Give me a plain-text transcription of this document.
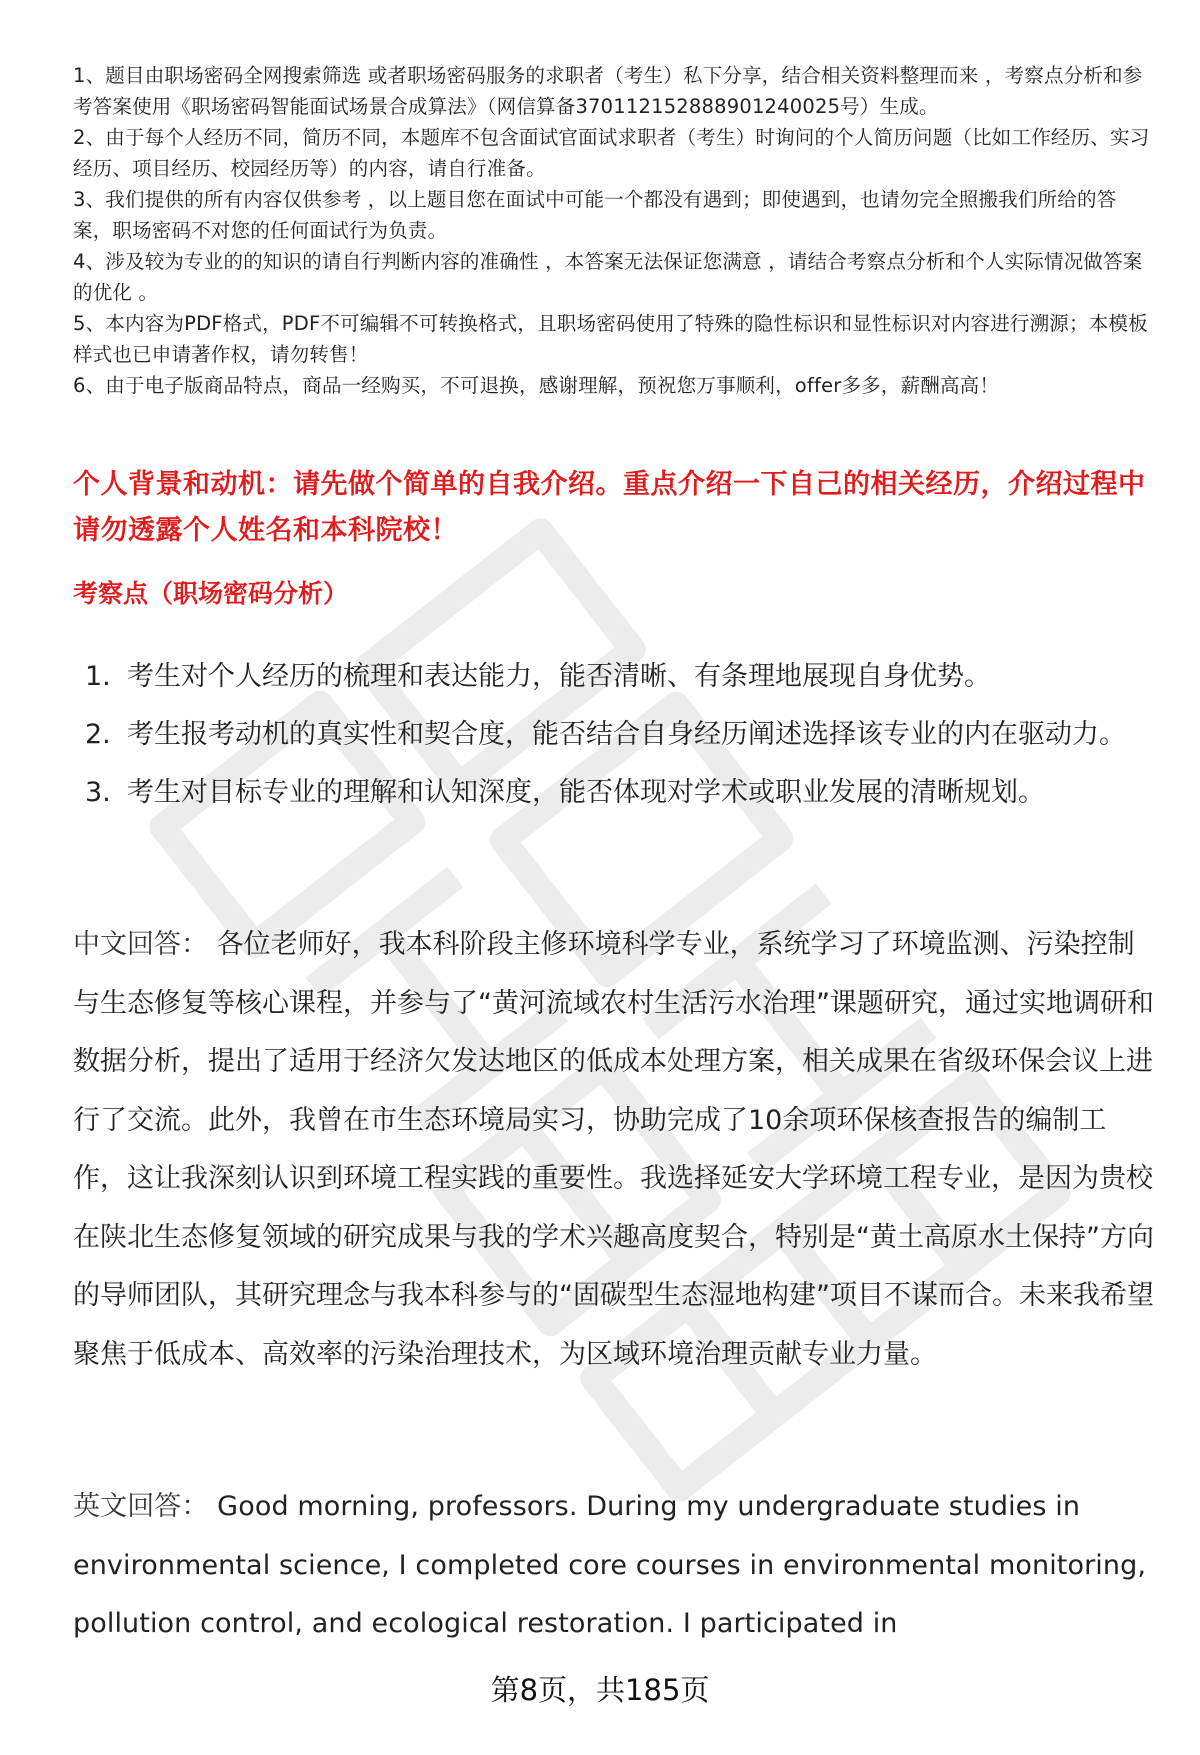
1、题目由职场密码全网搜索筛选 或者职场密码服务的求职者（考生）私下分享，结合相关资料整理而来 ，考察点分析和参考答案使用《职场密码智能面试场景合成算法》（网信算备370112152888901240025号）生成。

2、由于每个人经历不同，简历不同，本题库不包含面试官面试求职者（考生）时询问的个人简历问题（比如工作经历、实习经历、项目经历、校园经历等）的内容，请自行准备。

3、我们提供的所有内容仅供参考 ，以上题目您在面试中可能一个都没有遇到；即使遇到，也请勿完全照搬我们所给的答案，职场密码不对您的任何面试行为负责。

4、涉及较为专业的的知识的请自行判断内容的准确性 ，本答案无法保证您满意 ，请结合考察点分析和个人实际情况做答案的优化 。

5、本内容为PDF格式，PDF不可编辑不可转换格式，且职场密码使用了特殊的隐性标识和显性标识对内容进行溯源；本模板样式也已申请著作权，请勿转售！

6、由于电子版商品特点，商品一经购买，不可退换，感谢理解，预祝您万事顺利，offer多多，薪酬高高！

个人背景和动机：请先做个简单的自我介绍。重点介绍一下自己的相关经历，介绍过程中请勿透露个人姓名和本科院校！
考察点（职场密码分析）
1. 考生对个人经历的梳理和表达能力，能否清晰、有条理地展现自身优势。
2. 考生报考动机的真实性和契合度，能否结合自身经历阐述选择该专业的内在驱动力。
3. 考生对目标专业的理解和认知深度，能否体现对学术或职业发展的清晰规划。

中文回答： 各位老师好，我本科阶段主修环境科学专业，系统学习了环境监测、污染控制与生态修复等核心课程，并参与了“黄河流域农村生活污水治理”课题研究，通过实地调研和数据分析，提出了适用于经济欠发达地区的低成本处理方案，相关成果在省级环保会议上进行了交流。此外，我曾在市生态环境局实习，协助完成了10余项环保核查报告的编制工作，这让我深刻认识到环境工程实践的重要性。我选择延安大学环境工程专业，是因为贵校在陕北生态修复领域的研究成果与我的学术兴趣高度契合，特别是“黄土高原水土保持”方向的导师团队，其研究理念与我本科参与的“固碳型生态湿地构建”项目不谋而合。未来我希望聚焦于低成本、高效率的污染治理技术，为区域环境治理贡献专业力量。

英文回答： Good morning, professors. During my undergraduate studies in environmental science, I completed core courses in environmental monitoring, pollution control, and ecological restoration. I participated in

第8页，共185页
